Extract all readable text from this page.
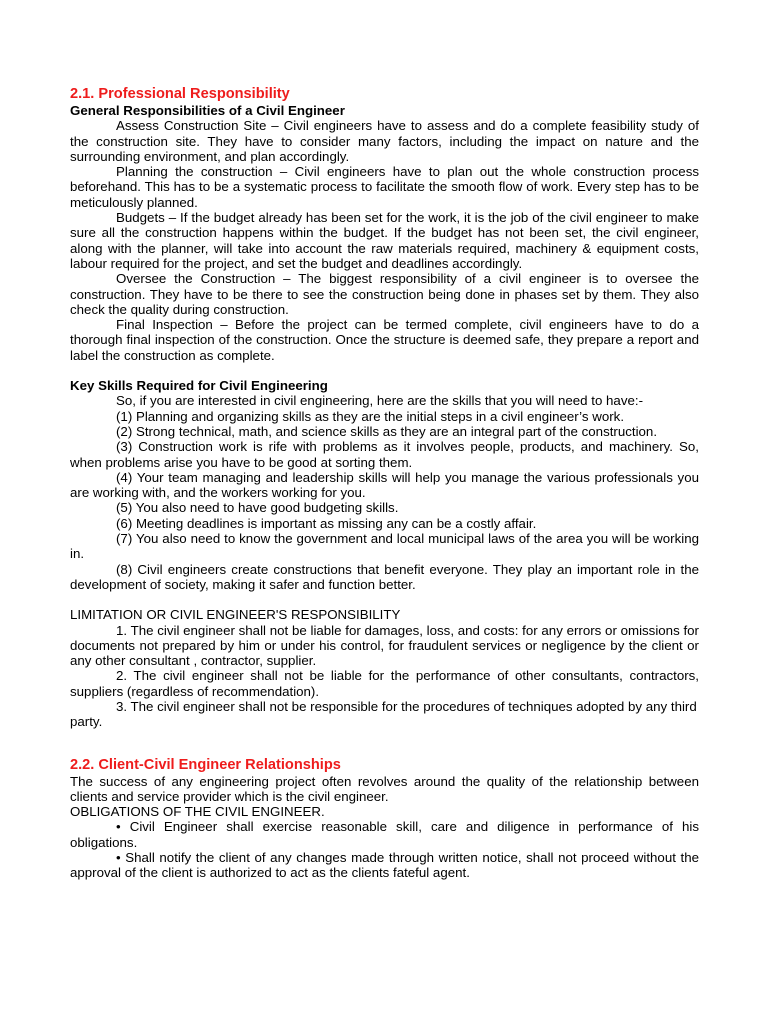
2.1. Professional Responsibility

General Responsibilities of a Civil Engineer

Assess Construction Site – Civil engineers have to assess and do a complete feasibility study of the construction site. They have to consider many factors, including the impact on nature and the surrounding environment, and plan accordingly.

Planning the construction – Civil engineers have to plan out the whole construction process beforehand. This has to be a systematic process to facilitate the smooth flow of work. Every step has to be meticulously planned.

Budgets – If the budget already has been set for the work, it is the job of the civil engineer to make sure all the construction happens within the budget. If the budget has not been set, the civil engineer, along with the planner, will take into account the raw materials required, machinery & equipment costs, labour required for the project, and set the budget and deadlines accordingly.

Oversee the Construction – The biggest responsibility of a civil engineer is to oversee the construction. They have to be there to see the construction being done in phases set by them. They also check the quality during construction.

Final Inspection – Before the project can be termed complete, civil engineers have to do a thorough final inspection of the construction. Once the structure is deemed safe, they prepare a report and label the construction as complete.

Key Skills Required for Civil Engineering

So, if you are interested in civil engineering, here are the skills that you will need to have:-

(1) Planning and organizing skills as they are the initial steps in a civil engineer’s work.

(2) Strong technical, math, and science skills as they are an integral part of the construction.

(3) Construction work is rife with problems as it involves people, products, and machinery. So, when problems arise you have to be good at sorting them.

(4) Your team managing and leadership skills will help you manage the various professionals you are working with, and the workers working for you.

(5) You also need to have good budgeting skills.

(6) Meeting deadlines is important as missing any can be a costly affair.

(7) You also need to know the government and local municipal laws of the area you will be working in.

(8) Civil engineers create constructions that benefit everyone. They play an important role in the development of society, making it safer and function better.

LIMITATION OR CIVIL ENGINEER'S RESPONSIBILITY

1. The civil engineer shall not be liable for damages, loss, and costs: for any errors or omissions for documents not prepared by him or under his control, for fraudulent services or negligence by the client or any other consultant , contractor, supplier.

2. The civil engineer shall not be liable for the performance of other consultants, contractors, suppliers (regardless of recommendation).

3. The civil engineer shall not be responsible for the procedures of techniques adopted by any third

party.

2.2. Client-Civil Engineer Relationships

The success of any engineering project often revolves around the quality of the relationship between clients and service provider which is the civil engineer.

OBLIGATIONS OF THE CIVIL ENGINEER.

• Civil Engineer shall exercise reasonable skill, care and diligence in performance of his obligations.

• Shall notify the client of any changes made through written notice, shall not proceed without the approval of the client is authorized to act as the clients fateful agent.
